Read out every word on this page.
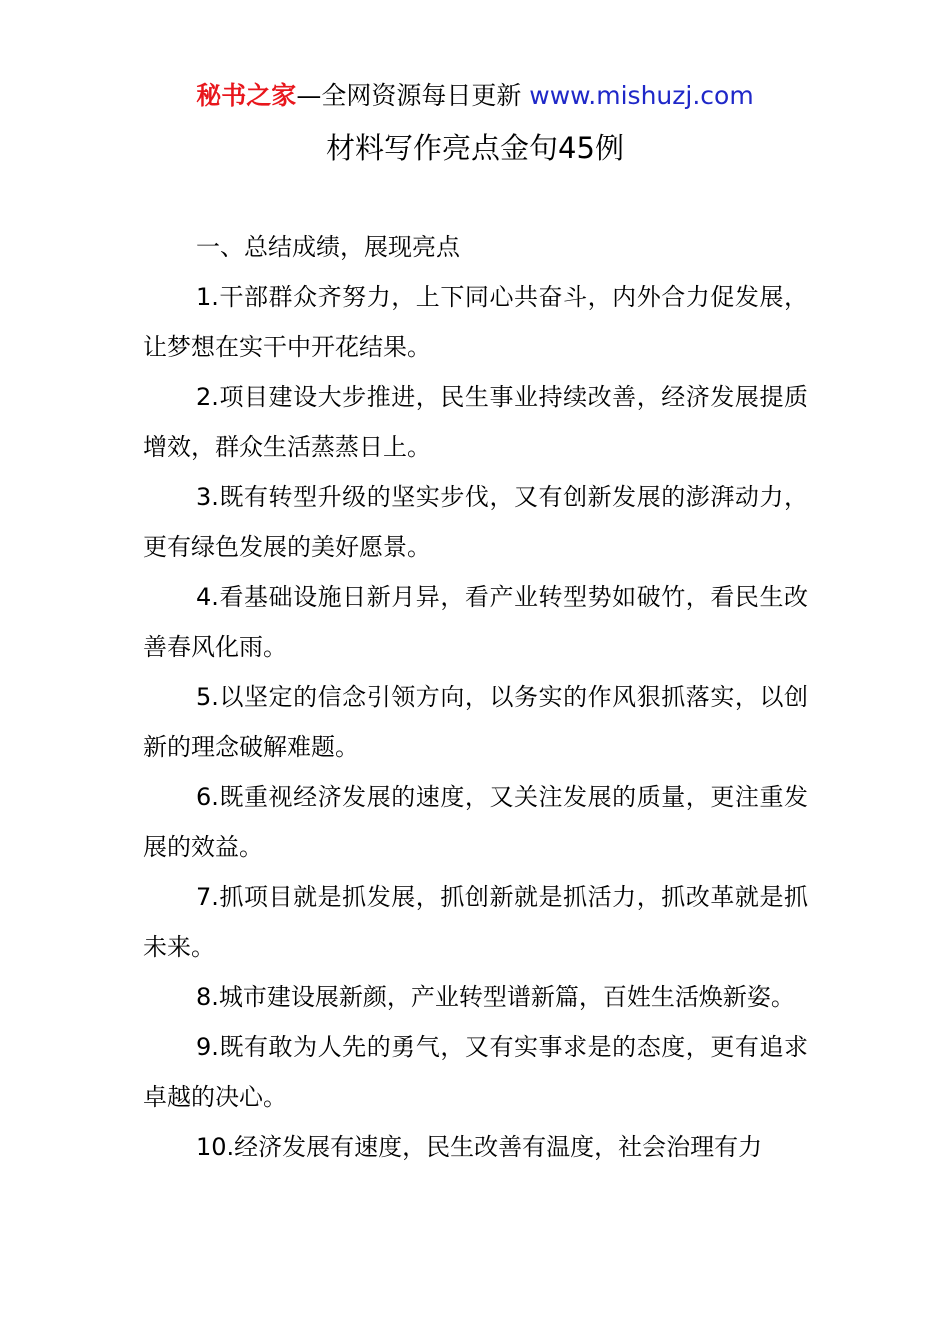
秘书之家—全网资源每日更新 www.mishuzj.com
材料写作亮点金句45例

一、总结成绩，展现亮点

1.干部群众齐努力，上下同心共奋斗，内外合力促发展，让梦想在实干中开花结果。

2.项目建设大步推进，民生事业持续改善，经济发展提质增效，群众生活蒸蒸日上。

3.既有转型升级的坚实步伐，又有创新发展的澎湃动力，更有绿色发展的美好愿景。

4.看基础设施日新月异，看产业转型势如破竹，看民生改善春风化雨。

5.以坚定的信念引领方向，以务实的作风狠抓落实，以创新的理念破解难题。

6.既重视经济发展的速度，又关注发展的质量，更注重发展的效益。

7.抓项目就是抓发展，抓创新就是抓活力，抓改革就是抓未来。

8.城市建设展新颜，产业转型谱新篇，百姓生活焕新姿。

9.既有敢为人先的勇气，又有实事求是的态度，更有追求卓越的决心。

10.经济发展有速度，民生改善有温度，社会治理有力
